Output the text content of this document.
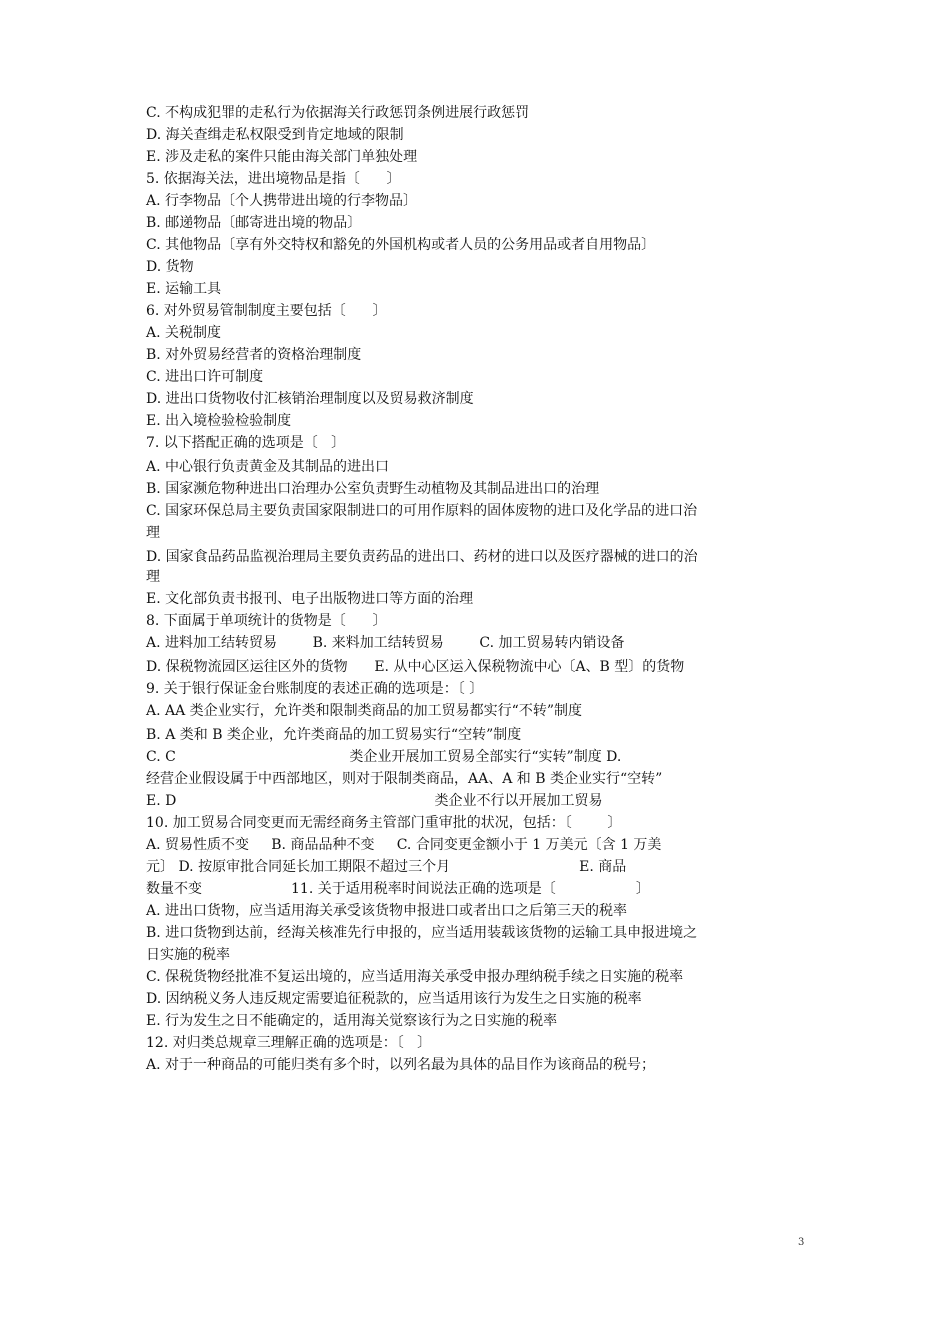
C. 不构成犯罪的走私行为依据海关行政惩罚条例进展行政惩罚
D. 海关查缉走私权限受到肯定地域的限制
E. 涉及走私的案件只能由海关部门单独处理
5. 依据海关法，进出境物品是指〔      〕
A. 行李物品〔个人携带进出境的行李物品〕
B. 邮递物品〔邮寄进出境的物品〕
C. 其他物品〔享有外交特权和豁免的外国机构或者人员的公务用品或者自用物品〕
D. 货物
E. 运输工具
6. 对外贸易管制制度主要包括〔      〕
A. 关税制度
B. 对外贸易经营者的资格治理制度
C. 进出口许可制度
D. 进出口货物收付汇核销治理制度以及贸易救济制度
E. 出入境检验检验制度
7. 以下搭配正确的选项是〔   〕
A. 中心银行负责黄金及其制品的进出口
B. 国家濒危物种进出口治理办公室负责野生动植物及其制品进出口的治理
C. 国家环保总局主要负责国家限制进口的可用作原料的固体废物的进口及化学品的进口治
理
D. 国家食品药品监视治理局主要负责药品的进出口、药材的进口以及医疗器械的进口的治
理
E. 文化部负责书报刊、电子出版物进口等方面的治理
8. 下面属于单项统计的货物是〔      〕
A. 进料加工结转贸易        B. 来料加工结转贸易        C. 加工贸易转内销设备
D. 保税物流园区运往区外的货物      E. 从中心区运入保税物流中心〔A、B 型〕的货物
9. 关于银行保证金台账制度的表述正确的选项是：〔 〕
A. AA 类企业实行，允许类和限制类商品的加工贸易都实行“不转”制度
B. A 类和 B 类企业，允许类商品的加工贸易实行“空转”制度
C. C                                       类企业开展加工贸易全部实行“实转”制度 D.
经营企业假设属于中西部地区，则对于限制类商品，AA、A 和 B 类企业实行“空转”
E. D                                                          类企业不行以开展加工贸易
10. 加工贸易合同变更而无需经商务主管部门重审批的状况，包括：〔        〕
A. 贸易性质不变     B. 商品品种不变     C. 合同变更金额小于 1 万美元〔含 1 万美
元〕 D. 按原审批合同延长加工期限不超过三个月                             E. 商品
数量不变                    11. 关于适用税率时间说法正确的选项是〔                  〕
A. 进出口货物，应当适用海关承受该货物申报进口或者出口之后第三天的税率
B. 进口货物到达前，经海关核准先行申报的，应当适用装载该货物的运输工具申报进境之
日实施的税率
C. 保税货物经批准不复运出境的，应当适用海关承受申报办理纳税手续之日实施的税率
D. 因纳税义务人违反规定需要追征税款的，应当适用该行为发生之日实施的税率
E. 行为发生之日不能确定的，适用海关觉察该行为之日实施的税率
12. 对归类总规章三理解正确的选项是：〔   〕
A. 对于一种商品的可能归类有多个时，以列名最为具体的品目作为该商品的税号；
3
